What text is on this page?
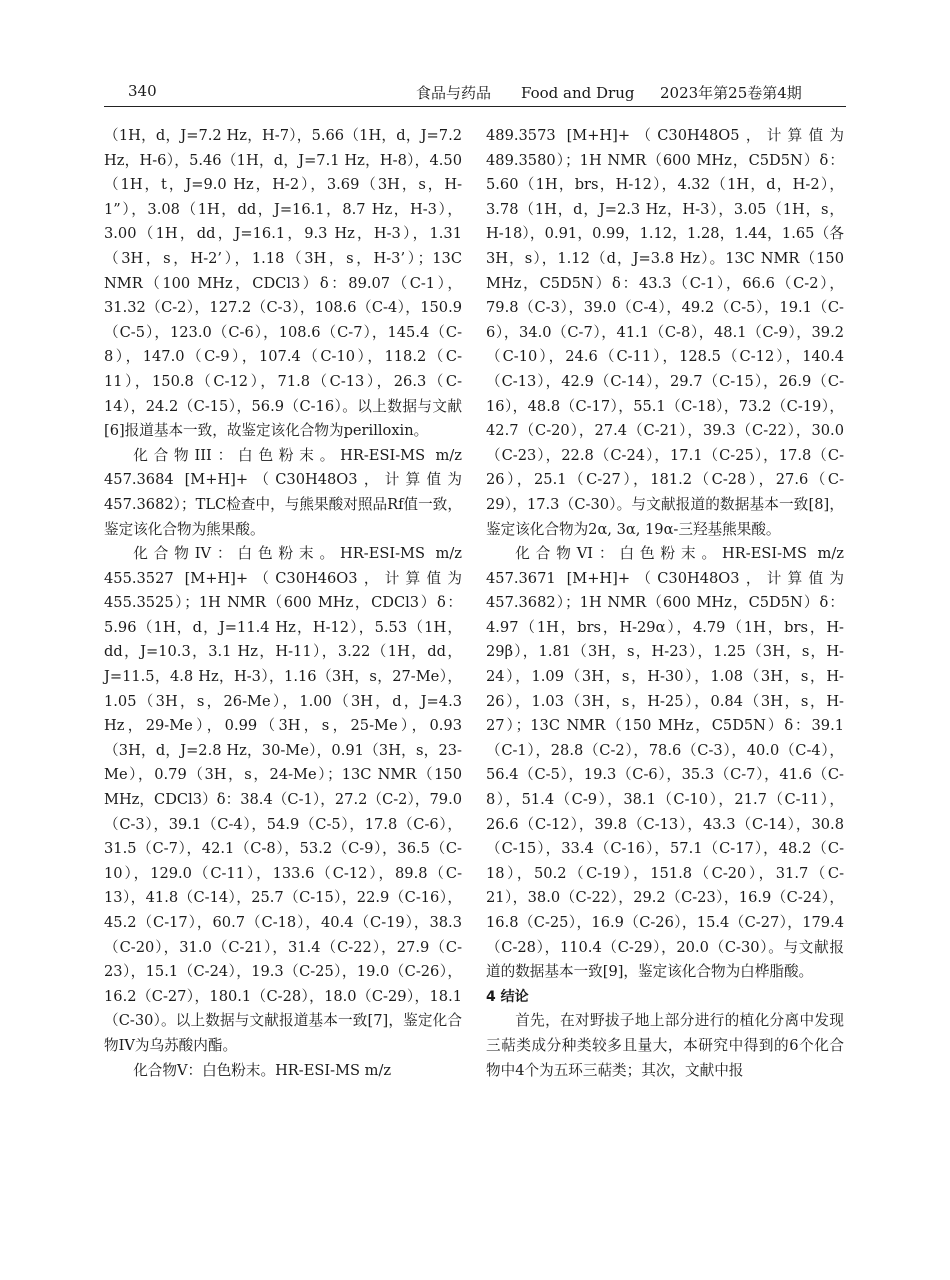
340	食品与药品　　Food and Drug 2023年第25卷第4期

（1H，d，J=7.2 Hz，H-7），5.66（1H，d，J=7.2 Hz，H-6），5.46（1H，d，J=7.1 Hz，H-8），4.50（1H，t，J=9.0 Hz，H-2），3.69（3H，s，H-1”），3.08（1H，dd，J=16.1，8.7 Hz，H-3），3.00（1H，dd，J=16.1，9.3 Hz，H-3），1.31（3H，s，H-2’），1.18（3H，s，H-3’）；13C NMR（100 MHz，CDCl3）δ：89.07（C-1），31.32（C-2），127.2（C-3），108.6（C-4），150.9（C-5），123.0（C-6），108.6（C-7），145.4（C-8），147.0（C-9），107.4（C-10），118.2（C-11），150.8（C-12），71.8（C-13），26.3（C-14），24.2（C-15），56.9（C-16）。以上数据与文献[6]报道基本一致，故鉴定该化合物为perilloxin。

化合物III：白色粉末。HR-ESI-MS m/z 457.3684 [M+H]+（C30H48O3，计算值为457.3682）；TLC检查中，与熊果酸对照品Rf值一致，鉴定该化合物为熊果酸。

化合物IV：白色粉末。HR-ESI-MS m/z 455.3527 [M+H]+（C30H46O3，计算值为455.3525）；1H NMR（600 MHz，CDCl3）δ：5.96（1H，d，J=11.4 Hz，H-12），5.53（1H，dd，J=10.3，3.1 Hz，H-11），3.22（1H，dd，J=11.5，4.8 Hz，H-3），1.16（3H，s，27-Me），1.05（3H，s，26-Me），1.00（3H，d，J=4.3 Hz，29-Me），0.99（3H，s，25-Me），0.93（3H，d，J=2.8 Hz，30-Me），0.91（3H，s，23-Me），0.79（3H，s，24-Me）；13C NMR（150 MHz，CDCl3）δ：38.4（C-1），27.2（C-2），79.0（C-3），39.1（C-4），54.9（C-5），17.8（C-6），31.5（C-7），42.1（C-8），53.2（C-9），36.5（C-10），129.0（C-11），133.6（C-12），89.8（C-13），41.8（C-14），25.7（C-15），22.9（C-16），45.2（C-17），60.7（C-18），40.4（C-19），38.3（C-20），31.0（C-21），31.4（C-22），27.9（C-23），15.1（C-24），19.3（C-25），19.0（C-26），16.2（C-27），180.1（C-28），18.0（C-29），18.1（C-30）。以上数据与文献报道基本一致[7]，鉴定化合物IV为乌苏酸内酯。

化合物V：白色粉末。HR-ESI-MS m/z

489.3573 [M+H]+（C30H48O5，计算值为489.3580）；1H NMR（600 MHz，C5D5N）δ：5.60（1H，brs，H-12），4.32（1H，d，H-2），3.78（1H，d，J=2.3 Hz，H-3），3.05（1H，s，H-18），0.91，0.99，1.12，1.28，1.44，1.65（各3H，s），1.12（d，J=3.8 Hz）。13C NMR（150 MHz，C5D5N）δ：43.3（C-1），66.6（C-2），79.8（C-3），39.0（C-4），49.2（C-5），19.1（C-6），34.0（C-7），41.1（C-8），48.1（C-9），39.2（C-10），24.6（C-11），128.5（C-12），140.4（C-13），42.9（C-14），29.7（C-15），26.9（C-16），48.8（C-17），55.1（C-18），73.2（C-19），42.7（C-20），27.4（C-21），39.3（C-22），30.0（C-23），22.8（C-24），17.1（C-25），17.8（C-26），25.1（C-27），181.2（C-28），27.6（C-29），17.3（C-30）。与文献报道的数据基本一致[8]，鉴定该化合物为2α, 3α, 19α-三羟基熊果酸。

化合物VI：白色粉末。HR-ESI-MS m/z 457.3671 [M+H]+（C30H48O3，计算值为457.3682）；1H NMR（600 MHz，C5D5N）δ：4.97（1H，brs，H-29α），4.79（1H，brs，H-29β），1.81（3H，s，H-23），1.25（3H，s，H-24），1.09（3H，s，H-30），1.08（3H，s，H-26），1.03（3H，s，H-25），0.84（3H，s，H-27）；13C NMR（150 MHz，C5D5N）δ：39.1（C-1），28.8（C-2），78.6（C-3），40.0（C-4），56.4（C-5），19.3（C-6），35.3（C-7），41.6（C-8），51.4（C-9），38.1（C-10），21.7（C-11），26.6（C-12），39.8（C-13），43.3（C-14），30.8（C-15），33.4（C-16），57.1（C-17），48.2（C-18），50.2（C-19），151.8（C-20），31.7（C-21），38.0（C-22），29.2（C-23），16.9（C-24），16.8（C-25），16.9（C-26），15.4（C-27），179.4（C-28），110.4（C-29），20.0（C-30）。与文献报道的数据基本一致[9]，鉴定该化合物为白桦脂酸。

4 结论

首先，在对野拔子地上部分进行的植化分离中发现三萜类成分种类较多且量大，本研究中得到的6个化合物中4个为五环三萜类；其次，文献中报
